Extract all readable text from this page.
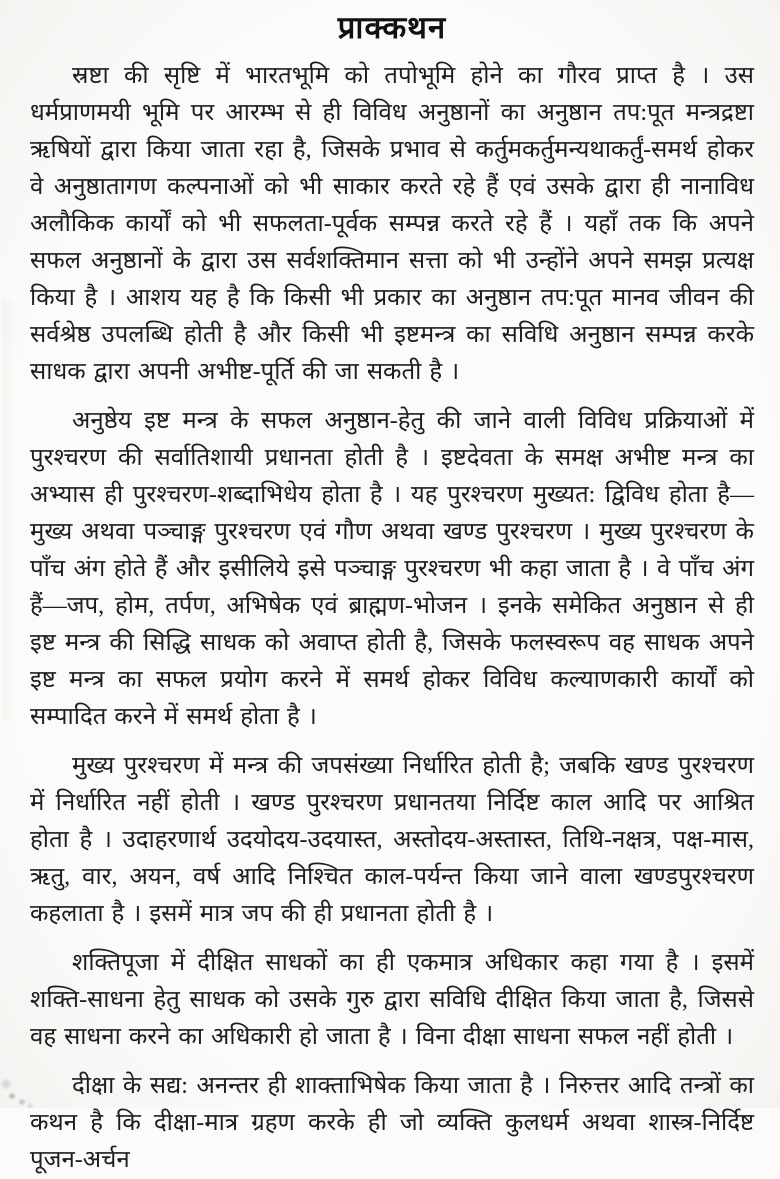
प्राक्कथन

स्रष्टा की सृष्टि में भारतभूमि को तपोभूमि होने का गौरव प्राप्त है । उस धर्मप्राणमयी भूमि पर आरम्भ से ही विविध अनुष्ठानों का अनुष्ठान तप:पूत मन्त्रद्रष्टा ऋषियों द्वारा किया जाता रहा है, जिसके प्रभाव से कर्तुमकर्तुमन्यथाकर्तुं-समर्थ होकर वे अनुष्ठातागण कल्पनाओं को भी साकार करते रहे हैं एवं उसके द्वारा ही नानाविध अलौकिक कार्यों को भी सफलता-पूर्वक सम्पन्न करते रहे हैं । यहाँ तक कि अपने सफल अनुष्ठानों के द्वारा उस सर्वशक्तिमान सत्ता को भी उन्होंने अपने समझ प्रत्यक्ष किया है । आशय यह है कि किसी भी प्रकार का अनुष्ठान तप:पूत मानव जीवन की सर्वश्रेष्ठ उपलब्धि होती है और किसी भी इष्टमन्त्र का सविधि अनुष्ठान सम्पन्न करके साधक द्वारा अपनी अभीष्ट-पूर्ति की जा सकती है ।

अनुष्ठेय इष्ट मन्त्र के सफल अनुष्ठान-हेतु की जाने वाली विविध प्रक्रियाओं में पुरश्चरण की सर्वातिशायी प्रधानता होती है । इष्टदेवता के समक्ष अभीष्ट मन्त्र का अभ्यास ही पुरश्चरण-शब्दाभिधेय होता है । यह पुरश्चरण मुख्यत: द्विविध होता है—मुख्य अथवा पञ्चाङ्ग पुरश्चरण एवं गौण अथवा खण्ड पुरश्चरण । मुख्य पुरश्चरण के पाँच अंग होते हैं और इसीलिये इसे पञ्चाङ्ग पुरश्चरण भी कहा जाता है । वे पाँच अंग हैं—जप, होम, तर्पण, अभिषेक एवं ब्राह्मण-भोजन । इनके समेकित अनुष्ठान से ही इष्ट मन्त्र की सिद्धि साधक को अवाप्त होती है, जिसके फलस्वरूप वह साधक अपने इष्ट मन्त्र का सफल प्रयोग करने में समर्थ होकर विविध कल्याणकारी कार्यों को सम्पादित करने में समर्थ होता है ।

मुख्य पुरश्चरण में मन्त्र की जपसंख्या निर्धारित होती है; जबकि खण्ड पुरश्चरण में निर्धारित नहीं होती । खण्ड पुरश्चरण प्रधानतया निर्दिष्ट काल आदि पर आश्रित होता है । उदाहरणार्थ उदयोदय-उदयास्त, अस्तोदय-अस्तास्त, तिथि-नक्षत्र, पक्ष-मास, ऋतु, वार, अयन, वर्ष आदि निश्चित काल-पर्यन्त किया जाने वाला खण्डपुरश्चरण कहलाता है । इसमें मात्र जप की ही प्रधानता होती है ।

शक्तिपूजा में दीक्षित साधकों का ही एकमात्र अधिकार कहा गया है । इसमें शक्ति-साधना हेतु साधक को उसके गुरु द्वारा सविधि दीक्षित किया जाता है, जिससे वह साधना करने का अधिकारी हो जाता है । विना दीक्षा साधना सफल नहीं होती ।

दीक्षा के सद्य: अनन्तर ही शाक्ताभिषेक किया जाता है । निरुत्तर आदि तन्त्रों का कथन है कि दीक्षा-मात्र ग्रहण करके ही जो व्यक्ति कुलधर्म अथवा शास्त्र-निर्दिष्ट पूजन-अर्चन
